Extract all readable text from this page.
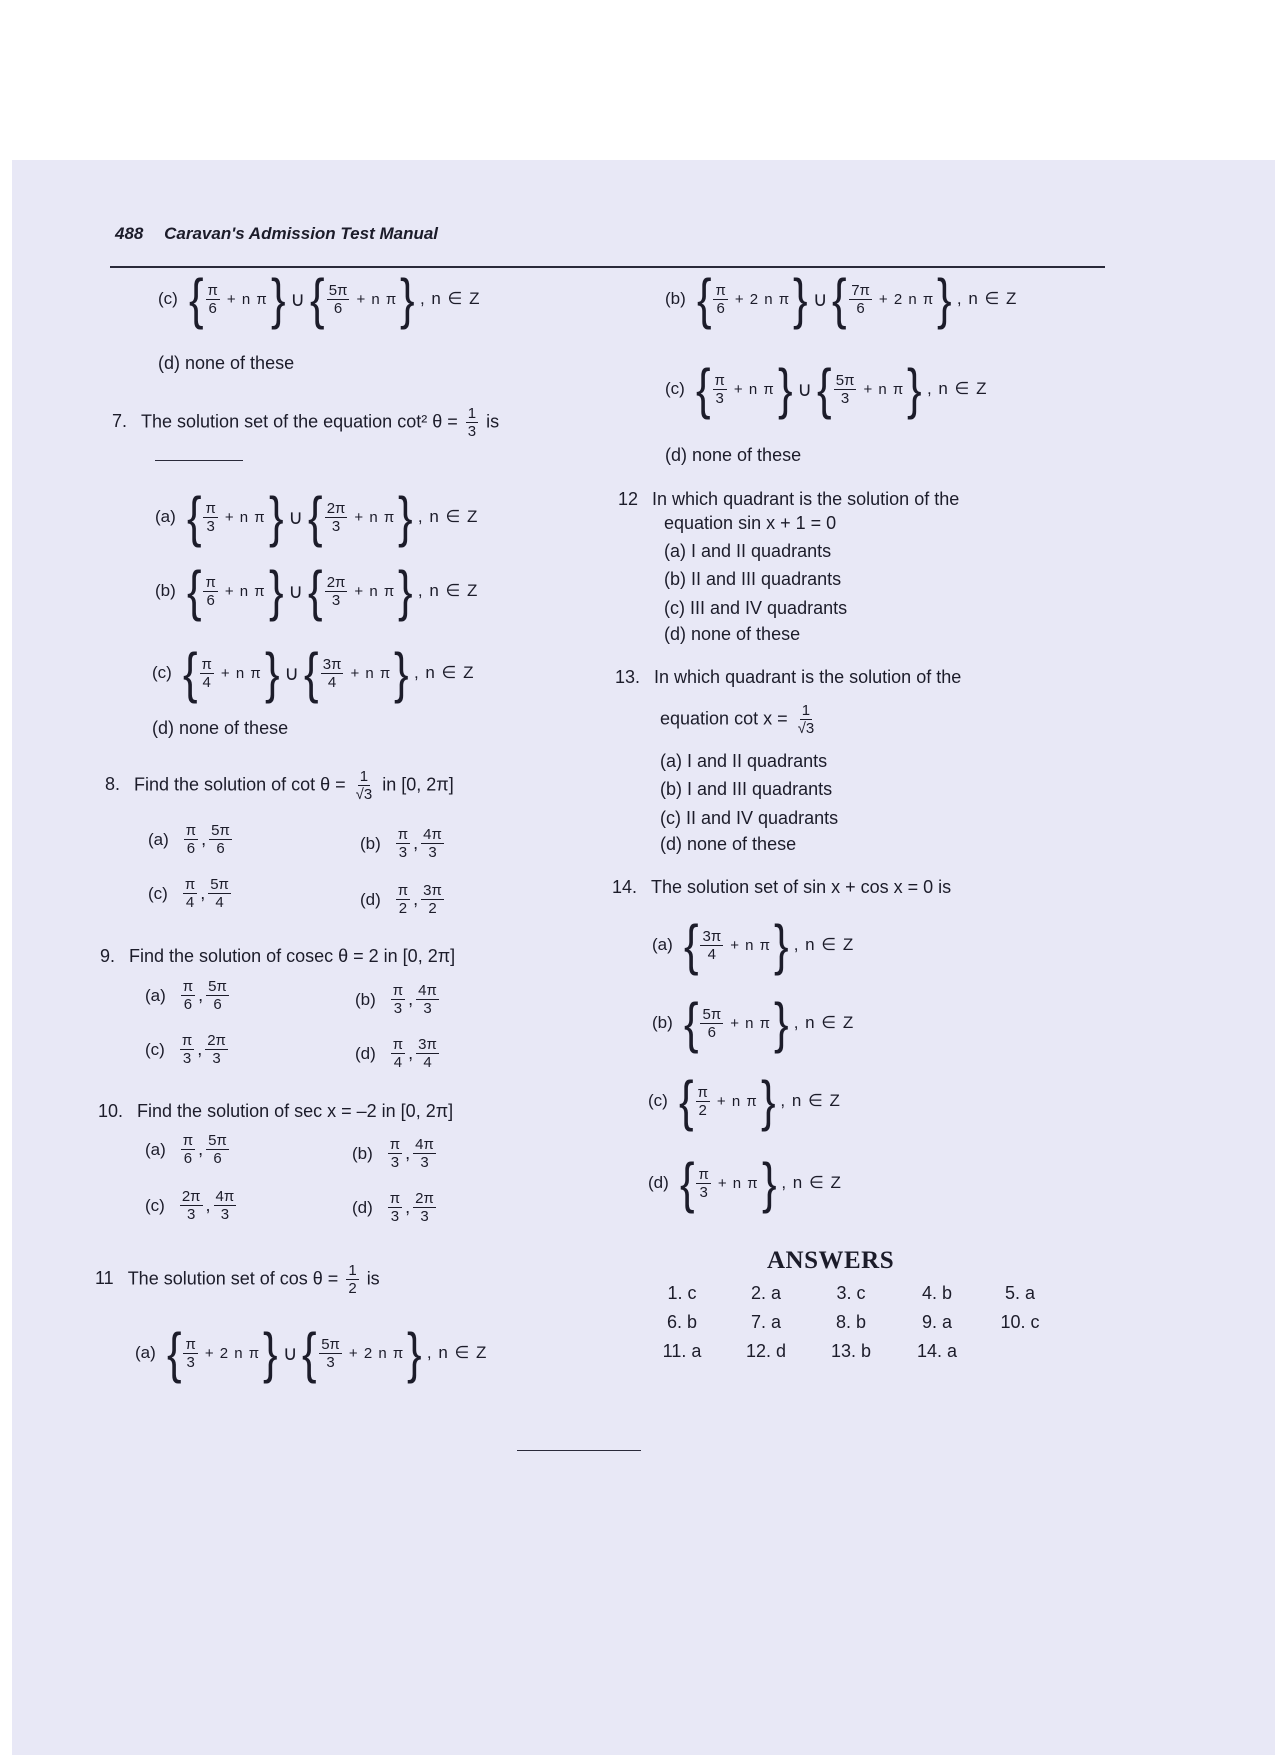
488 Caravan's Admission Test Manual
(c) { $\frac{\pi}{6} + n$ π } ∪ { $\frac{5\pi}{6} + n$ π } , n ∈ Z
(d) none of these
7. The solution set of the equation cot² $\theta = \frac{1}{3}$ is
(a) { $\frac{\pi}{3} + n$ π } ∪ { $\frac{2\pi}{3} + n$ π } , n ∈ Z
(b) { $\frac{\pi}{6} + n$ π } ∪ { $\frac{2\pi}{3} + n$ π } , n ∈ Z
(c) { $\frac{\pi}{4} + n$ π } ∪ { $\frac{3\pi}{4} + n$ π } , n ∈ Z
(d) none of these
8. Find the solution of $\cot \theta = \frac{1}{√3}$ in [0, 2π]
$(a) \frac{\pi}{6}$ , $\frac{5\pi}{6}$	$(b) \frac{\pi}{3}$ , $\frac{4\pi}{3}$
$(c) \frac{\pi}{4}$ , $\frac{5\pi}{4}$	$(d) \frac{\pi}{2}$ , $\frac{3\pi}{2}$
9. Find the solution of cosec θ = 2 in [0, 2π]
$(a) \frac{\pi}{6}$ , $\frac{5\pi}{6}$	$(b) \frac{\pi}{3}$ , $\frac{4\pi}{3}$
$(c) \frac{\pi}{3}$ , $\frac{2\pi}{3}$	$(d) \frac{\pi}{4}$ , $\frac{3\pi}{4}$
10. Find the solution of sec x = –2 in [0, 2π]
$(a) \frac{\pi}{6}$ , $\frac{5\pi}{6}$	$(b) \frac{\pi}{3}$ , $\frac{4\pi}{3}$
$(c) \frac{2\pi}{3}$ , $\frac{4\pi}{3}$	$(d) \frac{\pi}{3}$ , $\frac{2\pi}{3}$
11 The solution set of $\cos \theta = \frac{1}{2}$ is
(a) { $\frac{\pi}{3} + 2$ n π } ∪ { $\frac{5\pi}{3} + 2$ n π } , n ∈ Z
(b) { $\frac{\pi}{6} + 2$ n π } ∪ { $\frac{7\pi}{6} + 2$ n π } , n ∈ Z
(c) { $\frac{\pi}{3} + n$ π } ∪ { $\frac{5\pi}{3} + n$ π } , n ∈ Z
(d) none of these
12 In which quadrant is the solution of the
equation sin x + 1 = 0
(a) I and II quadrants
(b) II and III quadrants
(c) III and IV quadrants
(d) none of these
13. In which quadrant is the solution of the
equation $\cot x = \frac{1}{√3}$
(a) I and II quadrants
(b) I and III quadrants
(c) II and IV quadrants
(d) none of these
14. The solution set of sin x + cos x = 0 is
(a) { $\frac{3\pi}{4} + n$ π } , n ∈ Z
(b) { $\frac{5\pi}{6} + n$ π } , n ∈ Z
(c) { $\frac{\pi}{2} + n$ π } , n ∈ Z
(d) { $\frac{\pi}{3} + n$ π } , n ∈ Z
ANSWERS
1. c	2. a	3. c	4. b	5. a
6. b	7. a	8. b	9. a	10. c
11. a	12. d	13. b	14. a
